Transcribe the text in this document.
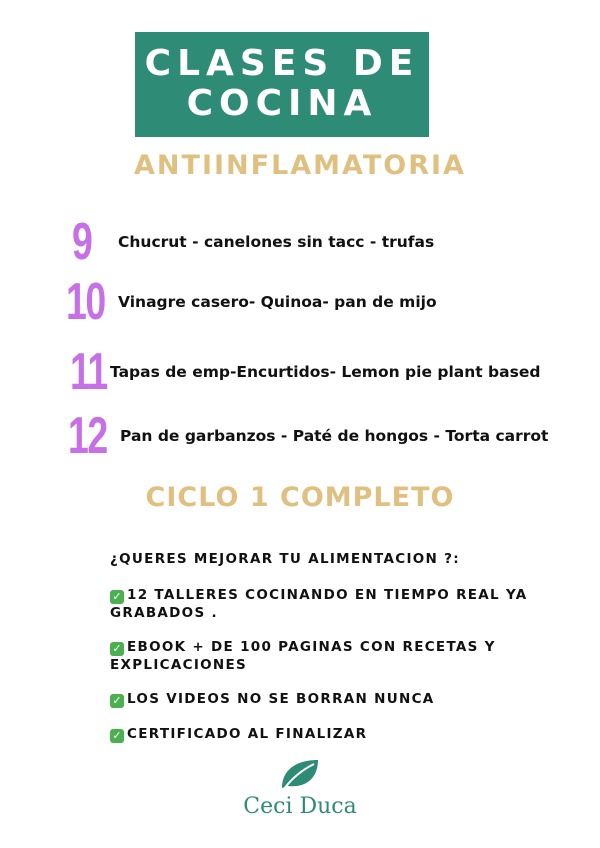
CLASES DE
COCINA
ANTIINFLAMATORIA
9 Chucrut - canelones sin tacc - trufas
10 Vinagre casero- Quinoa- pan de mijo
11 Tapas de emp-Encurtidos- Lemon pie plant based
12 Pan de garbanzos - Paté de hongos - Torta carrot
CICLO 1 COMPLETO
¿QUERES MEJORAR TU ALIMENTACION ?:
✓ 12 TALLERES COCINANDO EN TIEMPO REAL YA GRABADOS .
✓ EBOOK + DE 100 PAGINAS CON RECETAS Y EXPLICACIONES
✓ LOS VIDEOS NO SE BORRAN NUNCA
✓ CERTIFICADO AL FINALIZAR
Ceci Duca
